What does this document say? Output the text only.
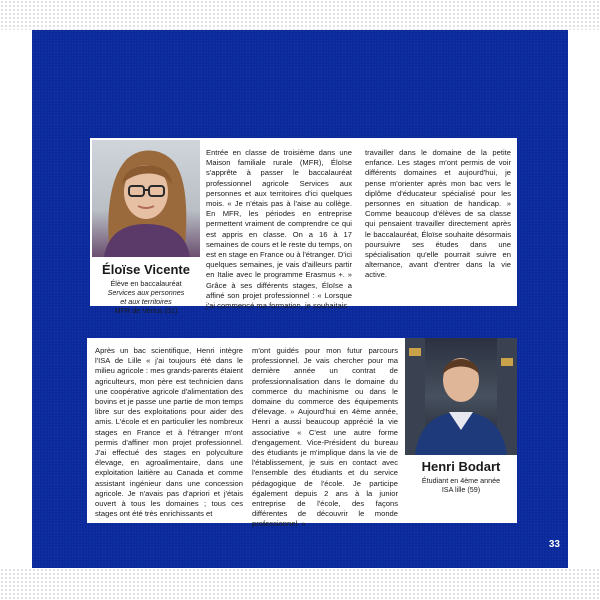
Éloïse Vicente
Élève en baccalauréat
Services aux personnes
et aux territoires
MFR de Vertus (51)
Entrée en classe de troisième dans une Maison familiale rurale (MFR), Éloïse s'apprête à passer le baccalauréat professionnel agricole Services aux personnes et aux territoires d'ici quelques mois. « Je n'étais pas à l'aise au collège. En MFR, les périodes en entreprise permettent vraiment de comprendre ce qui est appris en classe. On a 16 à 17 semaines de cours et le reste du temps, on est en stage en France ou à l'étranger. D'ici quelques semaines, je vais d'ailleurs partir en Italie avec le programme Erasmus +. » Grâce à ses différents stages, Éloïse a affiné son projet professionnel : « Lorsque j'ai commencé ma formation, je souhaitais
travailler dans le domaine de la petite enfance. Les stages m'ont permis de voir différents domaines et aujourd'hui, je pense m'orienter après mon bac vers le diplôme d'éducateur spécialisé pour les personnes en situation de handicap. » Comme beaucoup d'élèves de sa classe qui pensaient travailler directement après le baccalauréat, Éloïse souhaite désormais poursuivre ses études dans une spécialisation qu'elle pourrait suivre en alternance, avant d'entrer dans la vie active.
Après un bac scientifique, Henri intègre l'ISA de Lille « j'ai toujours été dans le milieu agricole : mes grands-parents étaient agriculteurs, mon père est technicien dans une coopérative agricole d'alimentation des bovins et je passe une partie de mon temps libre sur des exploitations pour aider des amis. L'école et en particulier les nombreux stages en France et à l'étranger m'ont permis d'affiner mon projet professionnel. J'ai effectué des stages en polyculture élevage, en agroalimentaire, dans une exploitation laitière au Canada et comme assistant ingénieur dans une concession agricole. Je n'avais pas d'apriori et j'étais ouvert à tous les domaines ; tous ces stages ont été très enrichissants et
m'ont guidés pour mon futur parcours professionnel. Je vais chercher pour ma dernière année un contrat de professionnalisation dans le domaine du commerce du machinisme ou dans le domaine du commerce des équipements d'élevage. » Aujourd'hui en 4ème année, Henri a aussi beaucoup apprécié la vie associative « C'est une autre forme d'engagement. Vice-Président du bureau des étudiants je m'implique dans la vie de l'établissement, je suis en contact avec l'ensemble des étudiants et du service pédagogique de l'école. Je participe également depuis 2 ans à la junior entreprise de l'école, des façons différentes de découvrir le monde professionnel. »
Henri Bodart
Étudiant en 4ème année
ISA lille (59)
33
